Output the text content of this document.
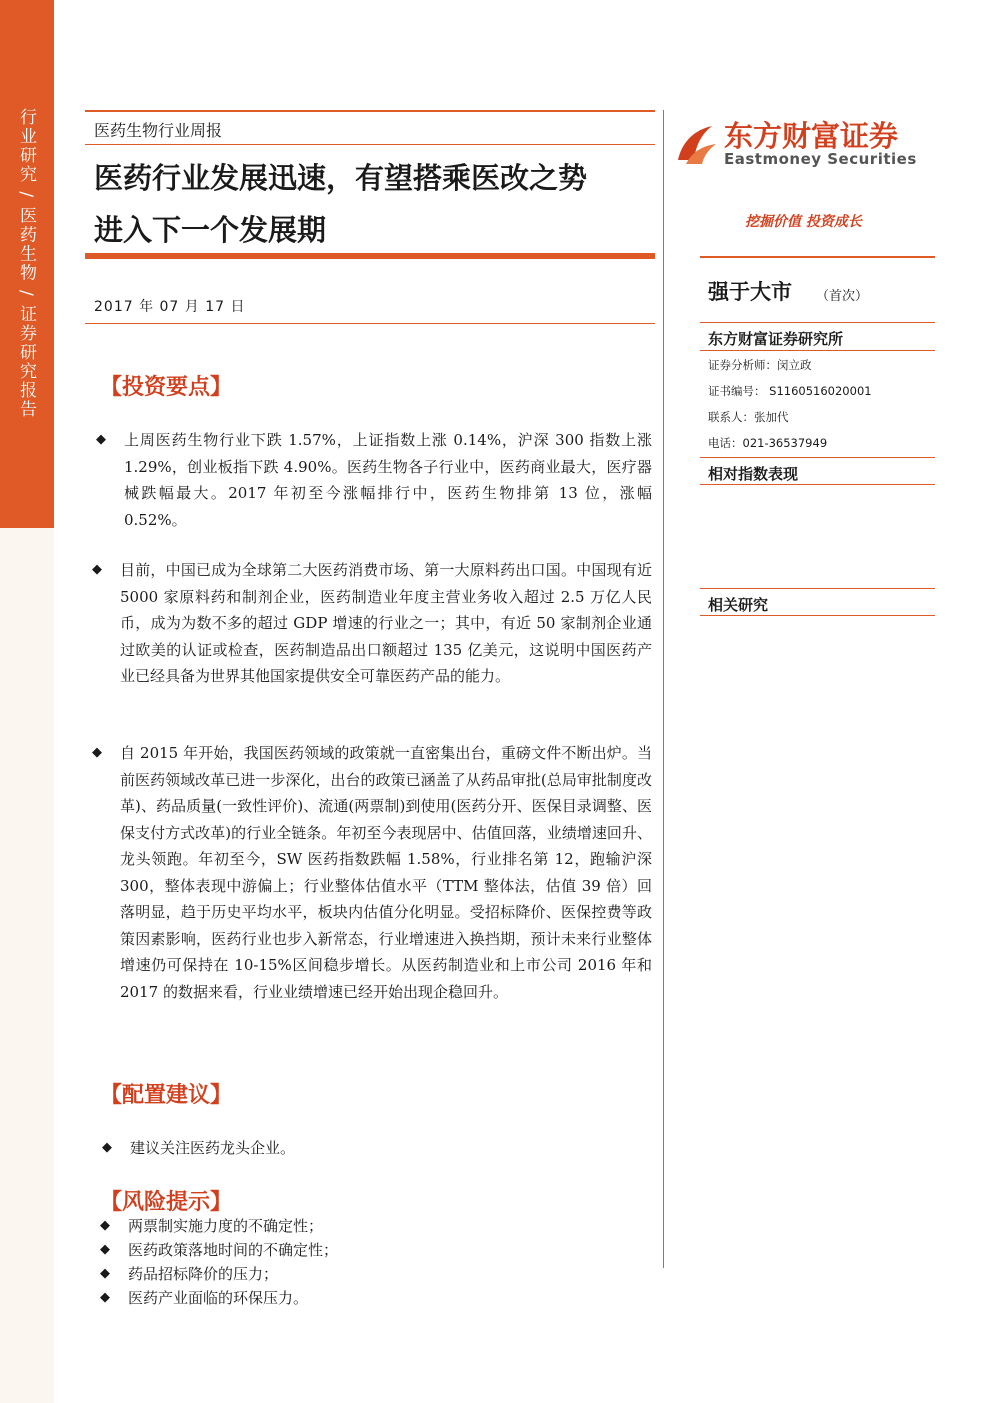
行业研究 / 医药生物 / 证券研究报告	医药生物行业周报
医药行业发展迅速，有望搭乘医改之势
进入下一个发展期
2017 年 07 月 17 日
【投资要点】
◆ 上周医药生物行业下跌 1.57%，上证指数上涨 0.14%，沪深 300 指数上涨 1.29%，创业板指下跌 4.90%。医药生物各子行业中，医药商业最大，医疗器械跌幅最大。2017 年初至今涨幅排行中，医药生物排第 13 位，涨幅 0.52%。
◆ 目前，中国已成为全球第二大医药消费市场、第一大原料药出口国。中国现有近 5000 家原料药和制剂企业，医药制造业年度主营业务收入超过 2.5 万亿人民币，成为为数不多的超过 GDP 增速的行业之一；其中，有近 50 家制剂企业通过欧美的认证或检查，医药制造品出口额超过 135 亿美元，这说明中国医药产业已经具备为世界其他国家提供安全可靠医药产品的能力。
◆ 自 2015 年开始，我国医药领域的政策就一直密集出台，重磅文件不断出炉。当前医药领域改革已进一步深化，出台的政策已涵盖了从药品审批(总局审批制度改革)、药品质量(一致性评价)、流通(两票制)到使用(医药分开、医保目录调整、医保支付方式改革)的行业全链条。年初至今表现居中、估值回落，业绩增速回升、龙头领跑。年初至今，SW 医药指数跌幅 1.58%，行业排名第 12，跑输沪深 300，整体表现中游偏上；行业整体估值水平（TTM 整体法，估值 39 倍）回落明显，趋于历史平均水平，板块内估值分化明显。受招标降价、医保控费等政策因素影响，医药行业也步入新常态，行业增速进入换挡期，预计未来行业整体增速仍可保持在 10-15%区间稳步增长。从医药制造业和上市公司 2016 年和 2017 的数据来看，行业业绩增速已经开始出现企稳回升。
【配置建议】
◆ 建议关注医药龙头企业。
【风险提示】
◆ 两票制实施力度的不确定性；
◆ 医药政策落地时间的不确定性；
◆ 药品招标降价的压力；
◆ 医药产业面临的环保压力。
东方财富证券
Eastmoney Securities
挖掘价值 投资成长
强于大市 （首次）
东方财富证券研究所
证券分析师：闵立政
证书编号： S1160516020001
联系人：张加代
电话：021-36537949
相对指数表现
相关研究
